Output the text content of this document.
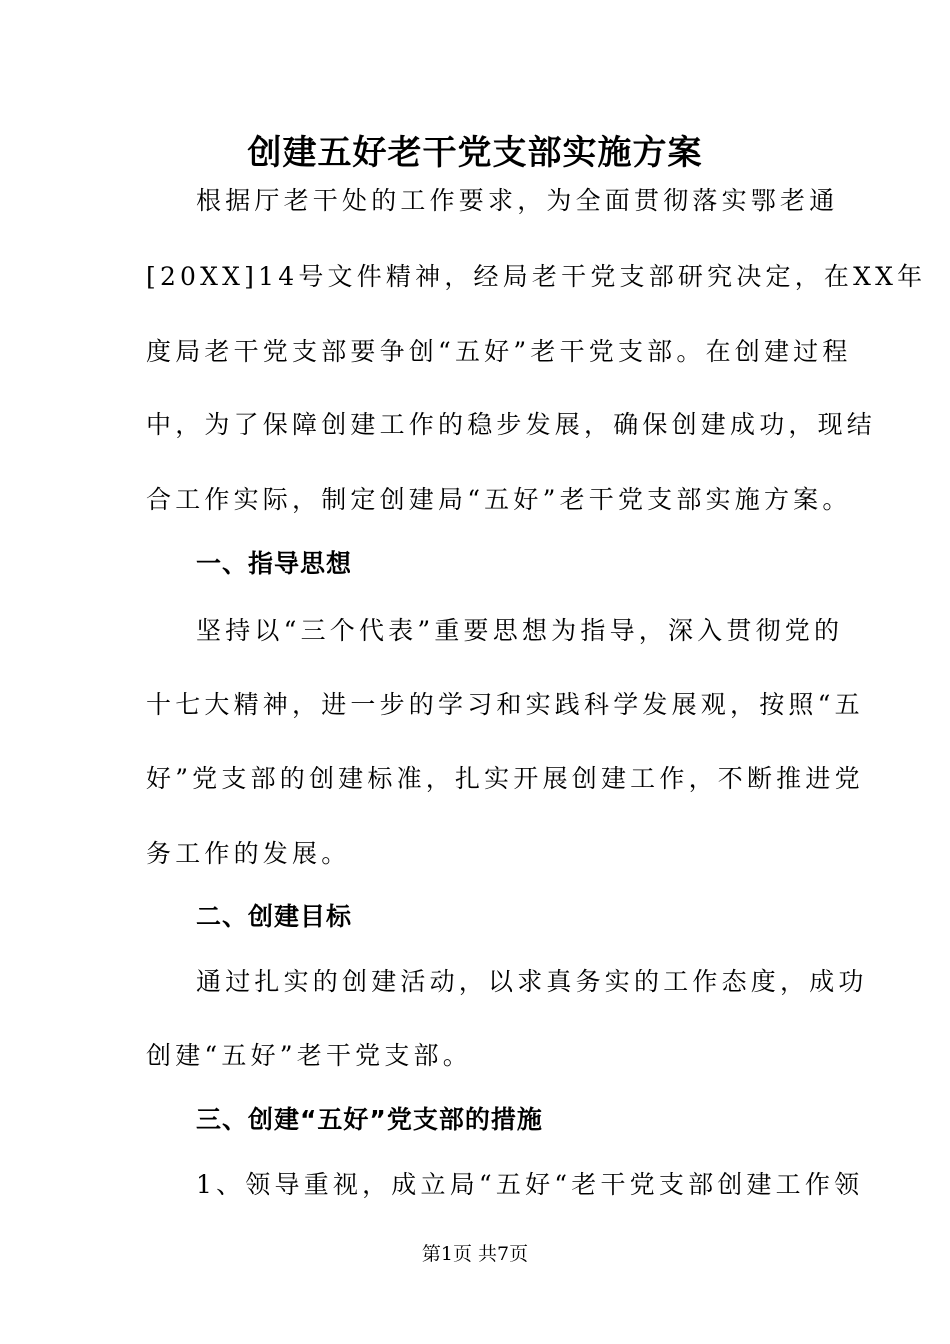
创建五好老干党支部实施方案
根据厅老干处的工作要求，为全面贯彻落实鄂老通
[20XX]14号文件精神，经局老干党支部研究决定，在XX年
度局老干党支部要争创“五好”老干党支部。在创建过程
中，为了保障创建工作的稳步发展，确保创建成功，现结
合工作实际，制定创建局“五好”老干党支部实施方案。
一、指导思想
坚持以“三个代表”重要思想为指导，深入贯彻党的
十七大精神，进一步的学习和实践科学发展观，按照“五
好”党支部的创建标准，扎实开展创建工作，不断推进党
务工作的发展。
二、创建目标
通过扎实的创建活动，以求真务实的工作态度，成功
创建“五好”老干党支部。
三、创建“五好”党支部的措施
1、领导重视，成立局“五好“老干党支部创建工作领
第1页 共7页
